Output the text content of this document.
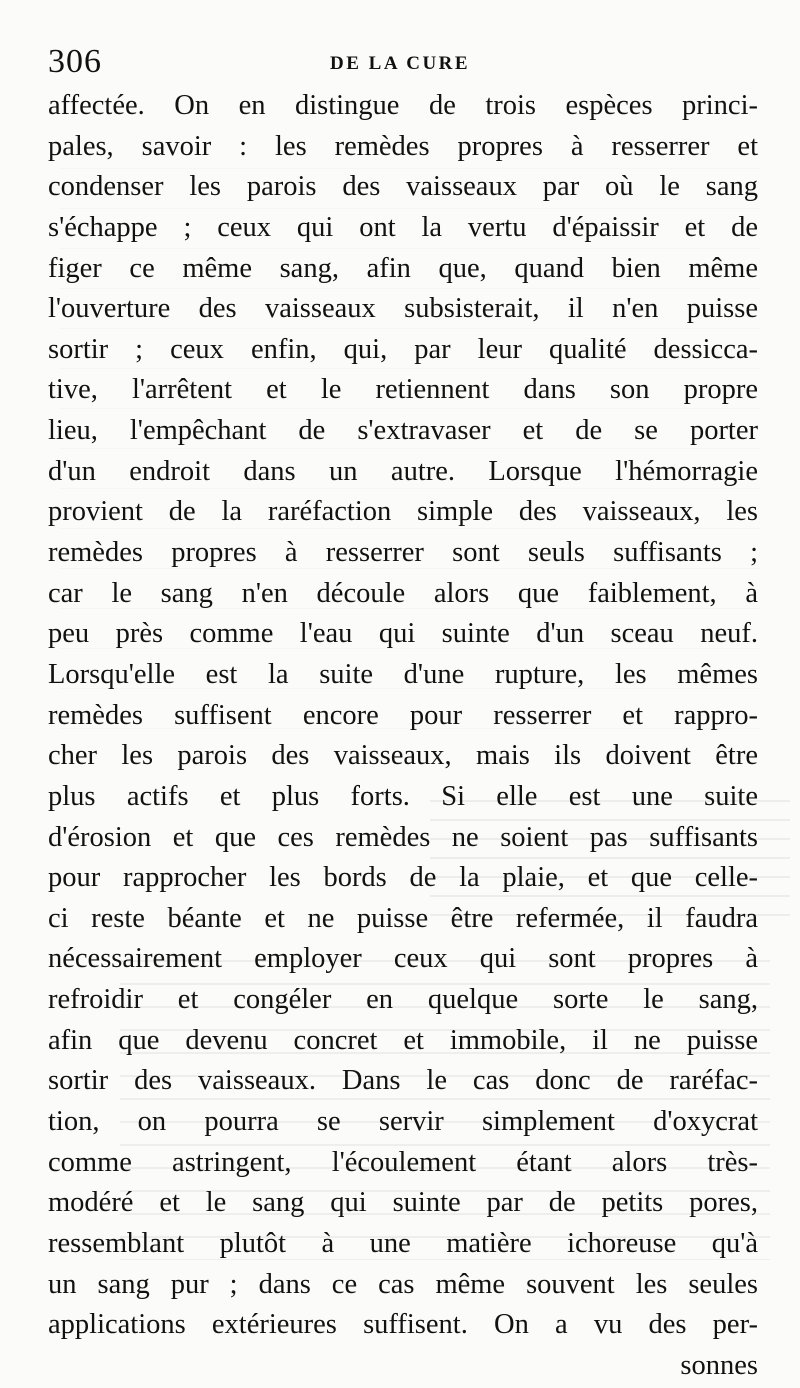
306	DE LA CURE
affectée. On en distingue de trois espèces princi-
pales, savoir : les remèdes propres à resserrer et
condenser les parois des vaisseaux par où le sang
s'échappe ; ceux qui ont la vertu d'épaissir et de
figer ce même sang, afin que, quand bien même
l'ouverture des vaisseaux subsisterait, il n'en puisse
sortir ; ceux enfin, qui, par leur qualité dessicca-
tive, l'arrêtent et le retiennent dans son propre
lieu, l'empêchant de s'extravaser et de se porter
d'un endroit dans un autre. Lorsque l'hémorragie
provient de la raréfaction simple des vaisseaux, les
remèdes propres à resserrer sont seuls suffisants ;
car le sang n'en découle alors que faiblement, à
peu près comme l'eau qui suinte d'un sceau neuf.
Lorsqu'elle est la suite d'une rupture, les mêmes
remèdes suffisent encore pour resserrer et rappro-
cher les parois des vaisseaux, mais ils doivent être
plus actifs et plus forts. Si elle est une suite
d'érosion et que ces remèdes ne soient pas suffisants
pour rapprocher les bords de la plaie, et que celle-
ci reste béante et ne puisse être refermée, il faudra
nécessairement employer ceux qui sont propres à
refroidir et congéler en quelque sorte le sang,
afin que devenu concret et immobile, il ne puisse
sortir des vaisseaux. Dans le cas donc de raréfac-
tion, on pourra se servir simplement d'oxycrat
comme astringent, l'écoulement étant alors très-
modéré et le sang qui suinte par de petits pores,
ressemblant plutôt à une matière ichoreuse qu'à
un sang pur ; dans ce cas même souvent les seules
applications extérieures suffisent. On a vu des per-
sonnes
